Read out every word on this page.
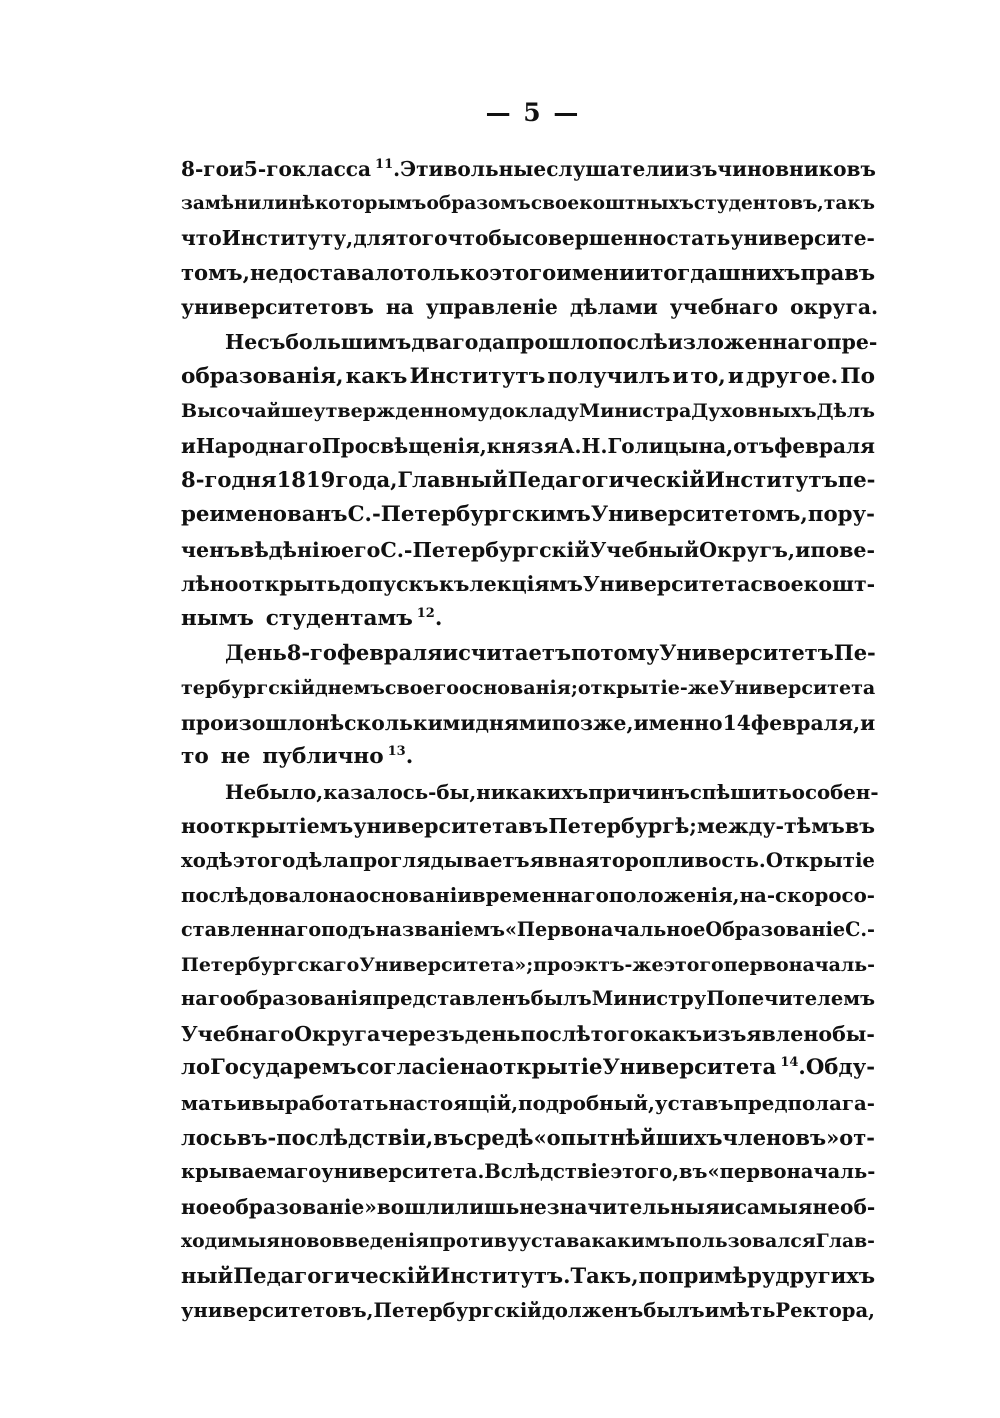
— 5 —
8-го и 5-го класса $^{11}$. Эти вольные слушатели изъ чиновниковъ
замѣнили нѣкоторымъ образомъ своекоштныхъ студентовъ, такъ
что Институту, для того чтобы совершенно стать университе-
томъ, недоставало только этого имени и тогдашнихъ правъ
университетовъ на управленіе дѣлами учебнаго округа.
Не съ большимъ два года прошло послѣ изложеннаго пре-
образованія, какъ Институтъ получилъ и то, и другое. По
Высочайше утвержденному докладу Министра Духовныхъ Дѣлъ
и Народнаго Просвѣщенія, князя А. Н. Голицына, отъ февраля
8-го дня 1819 года, Главный Педагогическій Институтъ пе-
реименованъ С.-Петербургскимъ Университетомъ, пору-
ченъ вѣдѣнію его С.-Петербургскій Учебный Округъ, и пове-
лѣно открыть допускъ къ лекціямъ Университета своекошт-
нымъ студентамъ $^{12}$.
День 8-го февраля и считаетъ потому Университетъ Пе-
тербургскій днемъ своего основанія; открытіе-же Университета
произошло нѣсколькими днями позже, именно 14 февраля, и
то не публично $^{13}$.
Не было, казалось-бы, никакихъ причинъ спѣшить особен-
но открытіемъ университета въ Петербургѣ; между-тѣмъ въ
ходѣ этого дѣла проглядываетъ явная торопливость. Открытіе
послѣдовало на основаніи временнаго положенія, на-скоро со-
ставленнаго подъ названіемъ «Первоначальное Образованіе С.-
Петербургскаго Университета»; проэктъ-же этого первоначаль-
наго образованія представленъ былъ Министру Попечителемъ
Учебнаго Округа черезъ день послѣ того какъ изъявлено бы-
ло Государемъ согласіе на открытіе Университета $^{14}$. Обду-
мать и выработать настоящій, подробный, уставъ предполага-
лось въ-послѣдствіи, въ средѣ «опытнѣйшихъ членовъ» от-
крываемаго университета. Вслѣдствіе этого, въ «первоначаль-
ное образованіе» вошли лишь незначительныя и самыя необ-
ходимыя нововведенія противу устава какимъ пользовался Глав-
ный Педагогическій Институтъ. Такъ, по примѣру другихъ
университетовъ, Петербургскій долженъ былъ имѣть Ректора,
